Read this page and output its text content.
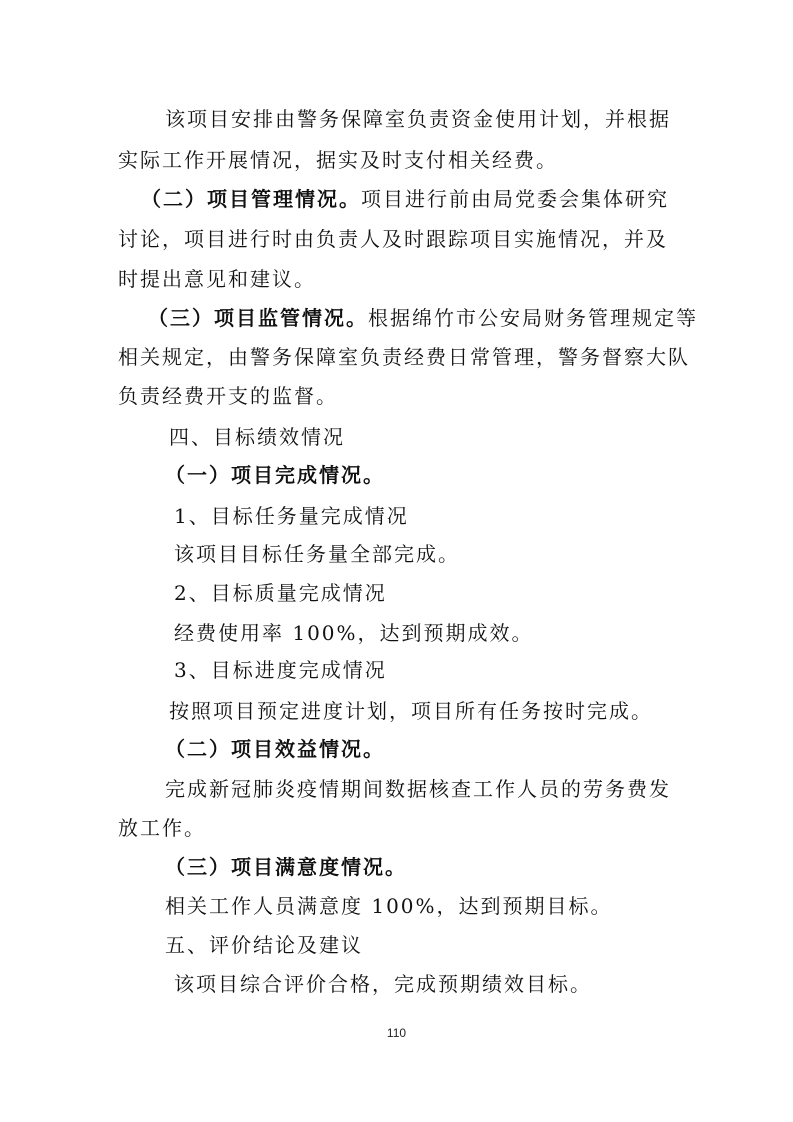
该项目安排由警务保障室负责资金使用计划，并根据
实际工作开展情况，据实及时支付相关经费。
（二）项目管理情况。项目进行前由局党委会集体研究
讨论，项目进行时由负责人及时跟踪项目实施情况，并及
时提出意见和建议。
（三）项目监管情况。根据绵竹市公安局财务管理规定等
相关规定，由警务保障室负责经费日常管理，警务督察大队
负责经费开支的监督。
四、目标绩效情况
（一）项目完成情况。
1、目标任务量完成情况
该项目目标任务量全部完成。
2、目标质量完成情况
经费使用率 100%，达到预期成效。
3、目标进度完成情况
按照项目预定进度计划，项目所有任务按时完成。
（二）项目效益情况。
完成新冠肺炎疫情期间数据核查工作人员的劳务费发
放工作。
（三）项目满意度情况。
相关工作人员满意度 100%，达到预期目标。
五、评价结论及建议
该项目综合评价合格，完成预期绩效目标。
110
